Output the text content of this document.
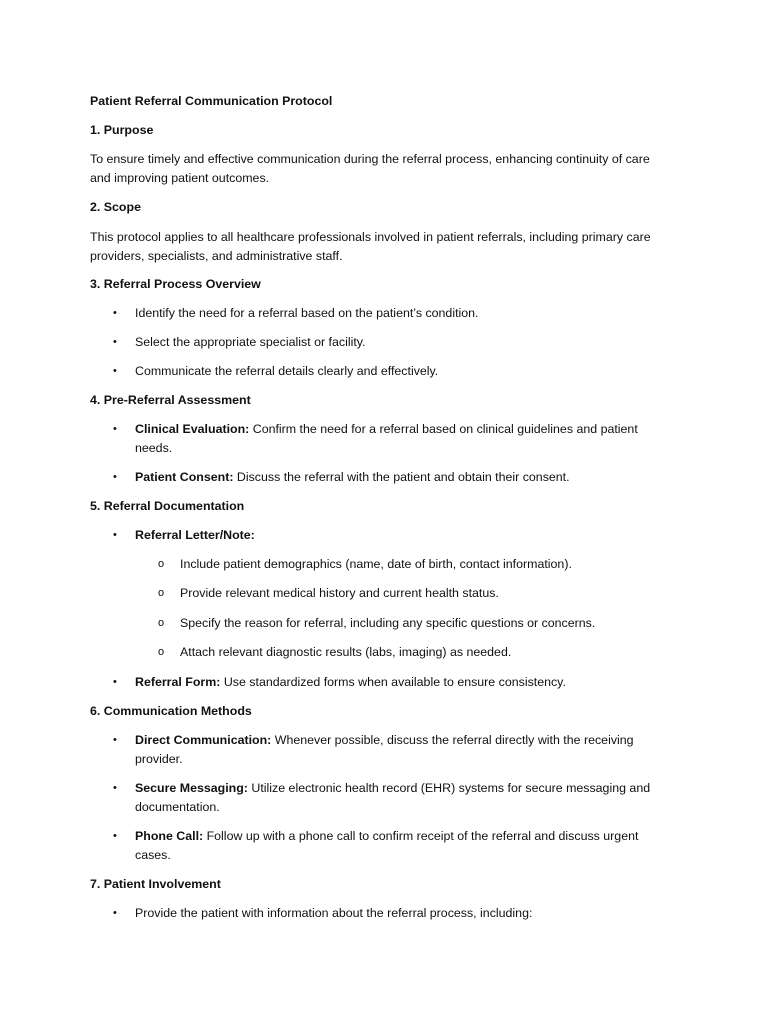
Patient Referral Communication Protocol
1. Purpose
To ensure timely and effective communication during the referral process, enhancing continuity of care
and improving patient outcomes.
2. Scope
This protocol applies to all healthcare professionals involved in patient referrals, including primary care
providers, specialists, and administrative staff.
3. Referral Process Overview
• Identify the need for a referral based on the patient’s condition.
• Select the appropriate specialist or facility.
• Communicate the referral details clearly and effectively.
4. Pre-Referral Assessment
• Clinical Evaluation: Confirm the need for a referral based on clinical guidelines and patient
needs.
• Patient Consent: Discuss the referral with the patient and obtain their consent.
5. Referral Documentation
• Referral Letter/Note:
o Include patient demographics (name, date of birth, contact information).
o Provide relevant medical history and current health status.
o Specify the reason for referral, including any specific questions or concerns.
o Attach relevant diagnostic results (labs, imaging) as needed.
• Referral Form: Use standardized forms when available to ensure consistency.
6. Communication Methods
• Direct Communication: Whenever possible, discuss the referral directly with the receiving
provider.
• Secure Messaging: Utilize electronic health record (EHR) systems for secure messaging and
documentation.
• Phone Call: Follow up with a phone call to confirm receipt of the referral and discuss urgent
cases.
7. Patient Involvement
• Provide the patient with information about the referral process, including:
